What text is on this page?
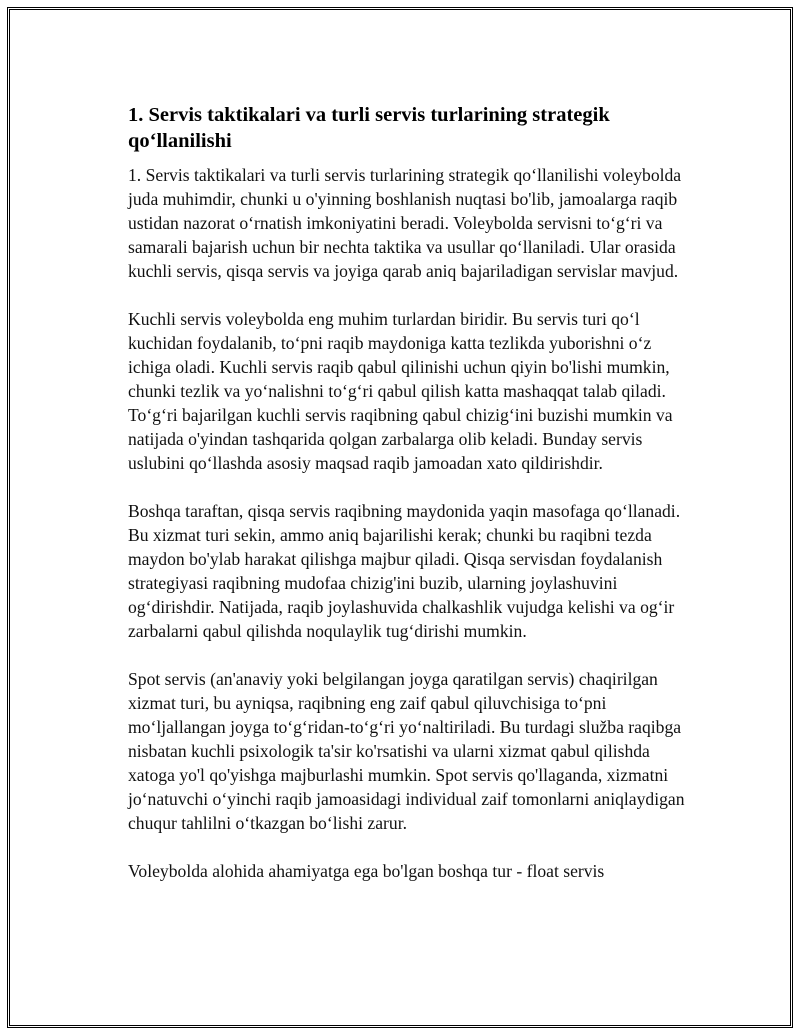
1. Servis taktikalari va turli servis turlarining strategik qoʻllanilishi

1. Servis taktikalari va turli servis turlarining strategik qoʻllanilishi voleybolda juda muhimdir, chunki u o'yinning boshlanish nuqtasi bo'lib, jamoalarga raqib ustidan nazorat oʻrnatish imkoniyatini beradi. Voleybolda servisni toʻgʻri va samarali bajarish uchun bir nechta taktika va usullar qoʻllaniladi. Ular orasida kuchli servis, qisqa servis va joyiga qarab aniq bajariladigan servislar mavjud.

Kuchli servis voleybolda eng muhim turlardan biridir. Bu servis turi qoʻl kuchidan foydalanib, toʻpni raqib maydoniga katta tezlikda yuborishni oʻz ichiga oladi. Kuchli servis raqib qabul qilinishi uchun qiyin bo'lishi mumkin, chunki tezlik va yoʻnalishni toʻgʻri qabul qilish katta mashaqqat talab qiladi. Toʻgʻri bajarilgan kuchli servis raqibning qabul chizigʻini buzishi mumkin va natijada o'yindan tashqarida qolgan zarbalarga olib keladi. Bunday servis uslubini qoʻllashda asosiy maqsad raqib jamoadan xato qildirishdir.

Boshqa taraftan, qisqa servis raqibning maydonida yaqin masofaga qoʻllanadi. Bu xizmat turi sekin, ammo aniq bajarilishi kerak; chunki bu raqibni tezda maydon bo'ylab harakat qilishga majbur qiladi. Qisqa servisdan foydalanish strategiyasi raqibning mudofaa chizig'ini buzib, ularning joylashuvini ogʻdirishdir. Natijada, raqib joylashuvida chalkashlik vujudga kelishi va ogʻir zarbalarni qabul qilishda noqulaylik tugʻdirishi mumkin.

Spot servis (an'anaviy yoki belgilangan joyga qaratilgan servis) chaqirilgan xizmat turi, bu ayniqsa, raqibning eng zaif qabul qiluvchisiga toʻpni moʻljallangan joyga toʻgʻridan-toʻgʻri yoʻnaltiriladi. Bu turdagi služba raqibga nisbatan kuchli psixologik ta'sir ko'rsatishi va ularni xizmat qabul qilishda xatoga yo'l qo'yishga majburlashi mumkin. Spot servis qo'llaganda, xizmatni joʻnatuvchi oʻyinchi raqib jamoasidagi individual zaif tomonlarni aniqlaydigan chuqur tahlilni oʻtkazgan boʻlishi zarur.

Voleybolda alohida ahamiyatga ega bo'lgan boshqa tur - float servis
